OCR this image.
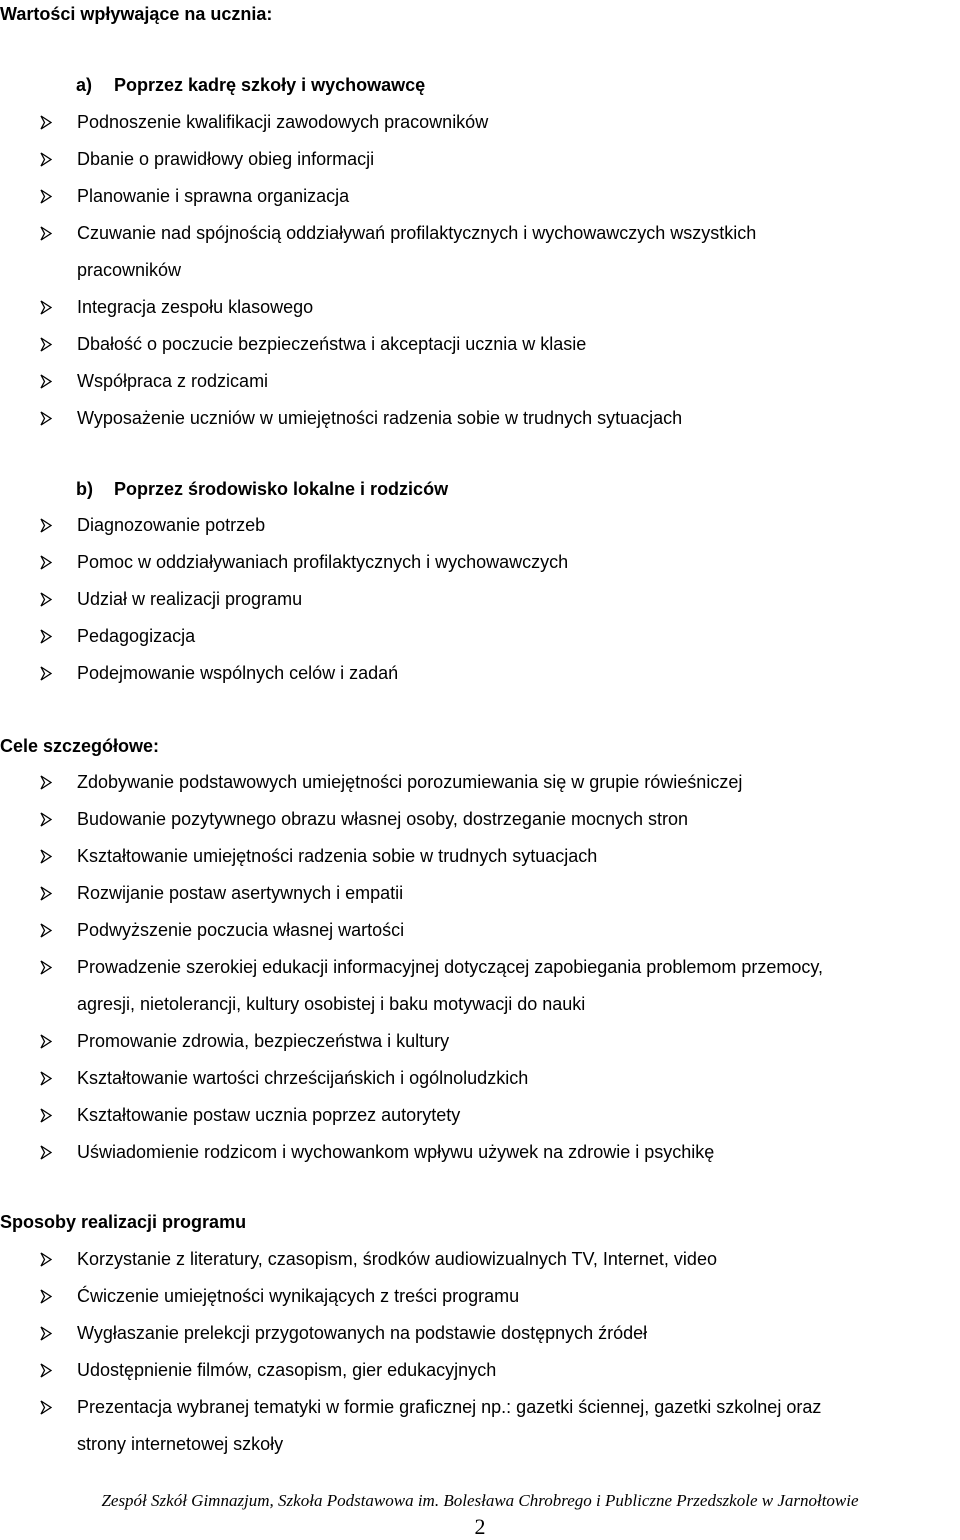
Wartości wpływające na ucznia:
a) Poprzez kadrę szkoły i wychowawcę
Podnoszenie kwalifikacji zawodowych pracowników
Dbanie o prawidłowy obieg informacji
Planowanie i sprawna organizacja
Czuwanie nad spójnością oddziaływań profilaktycznych i wychowawczych wszystkich
pracowników
Integracja zespołu klasowego
Dbałość o poczucie bezpieczeństwa i akceptacji ucznia w klasie
Współpraca z rodzicami
Wyposażenie uczniów w umiejętności radzenia sobie w trudnych sytuacjach
b) Poprzez środowisko lokalne i rodziców
Diagnozowanie potrzeb
Pomoc w oddziaływaniach profilaktycznych i wychowawczych
Udział w realizacji programu
Pedagogizacja
Podejmowanie wspólnych celów i zadań
Cele szczegółowe:
Zdobywanie podstawowych umiejętności porozumiewania się w grupie rówieśniczej
Budowanie pozytywnego obrazu własnej osoby, dostrzeganie mocnych stron
Kształtowanie umiejętności radzenia sobie w trudnych sytuacjach
Rozwijanie postaw asertywnych i empatii
Podwyższenie poczucia własnej wartości
Prowadzenie szerokiej edukacji informacyjnej dotyczącej zapobiegania problemom przemocy,
agresji, nietolerancji, kultury osobistej i baku motywacji do nauki
Promowanie zdrowia, bezpieczeństwa i kultury
Kształtowanie wartości chrześcijańskich i ogólnoludzkich
Kształtowanie postaw ucznia poprzez autorytety
Uświadomienie rodzicom i wychowankom wpływu używek na zdrowie i psychikę
Sposoby realizacji programu
Korzystanie z literatury, czasopism, środków audiowizualnych TV, Internet, video
Ćwiczenie umiejętności wynikających z treści programu
Wygłaszanie prelekcji przygotowanych na podstawie dostępnych źródeł
Udostępnienie filmów, czasopism, gier edukacyjnych
Prezentacja wybranej tematyki w formie graficznej np.: gazetki ściennej, gazetki szkolnej oraz
strony internetowej szkoły
Zespół Szkół Gimnazjum, Szkoła Podstawowa im. Bolesława Chrobrego i Publiczne Przedszkole w Jarnołtowie
2
